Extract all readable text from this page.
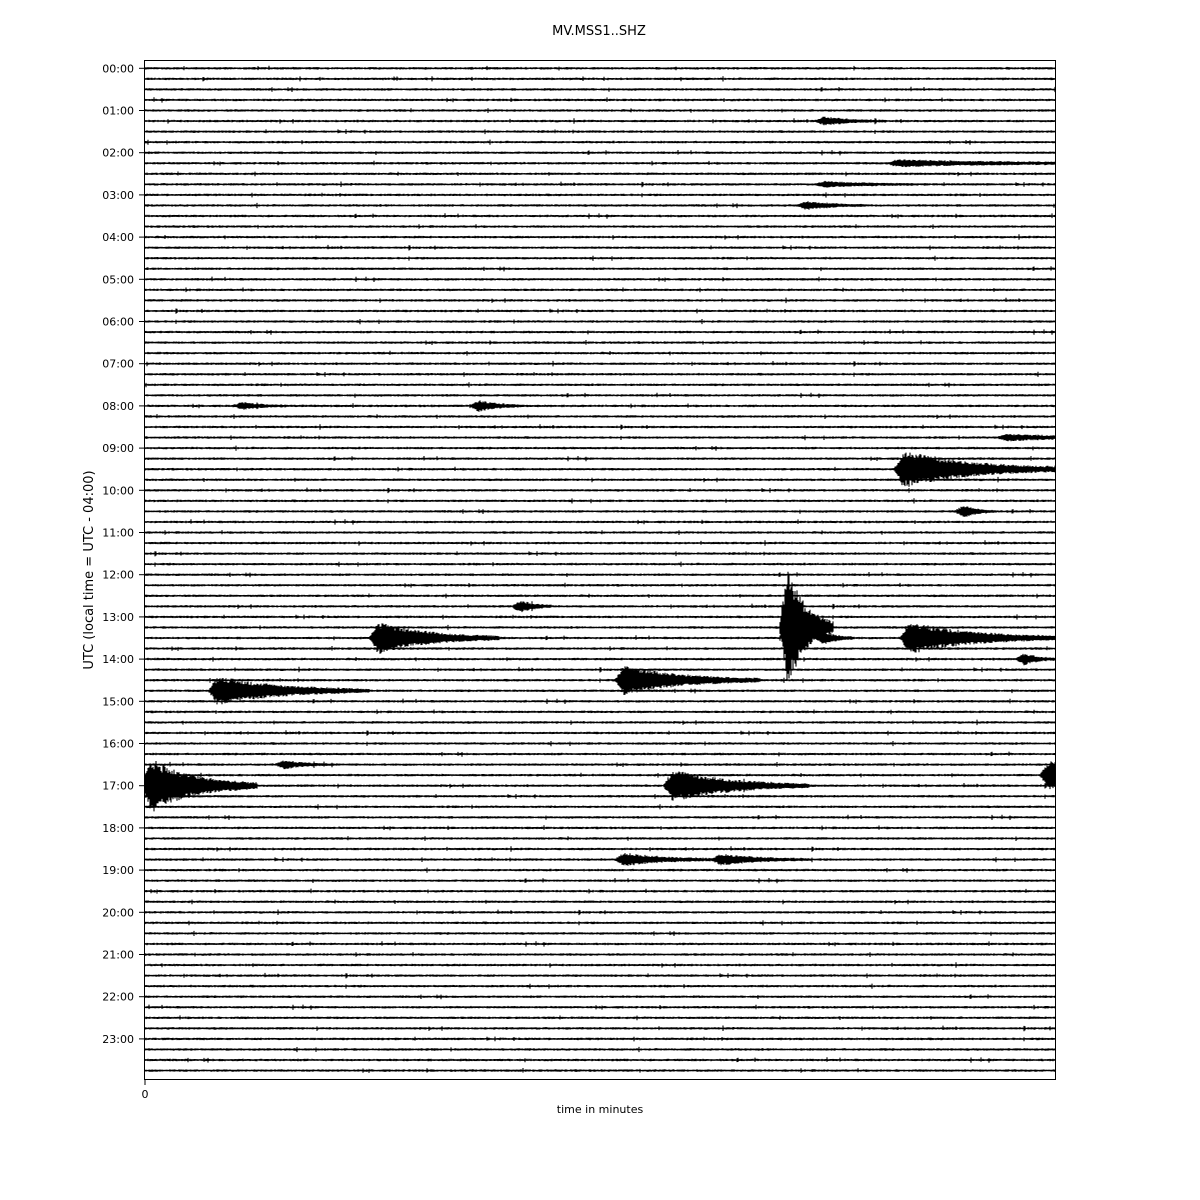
MV.MSS1..SHZ
00:00
01:00
02:00
03:00
04:00
05:00
06:00
07:00
08:00
09:00
10:00
11:00
12:00
13:00
14:00
15:00
16:00
17:00
18:00
19:00
20:00
21:00
22:00
23:00
0
time in minutes
UTC (local time = UTC - 04:00)
